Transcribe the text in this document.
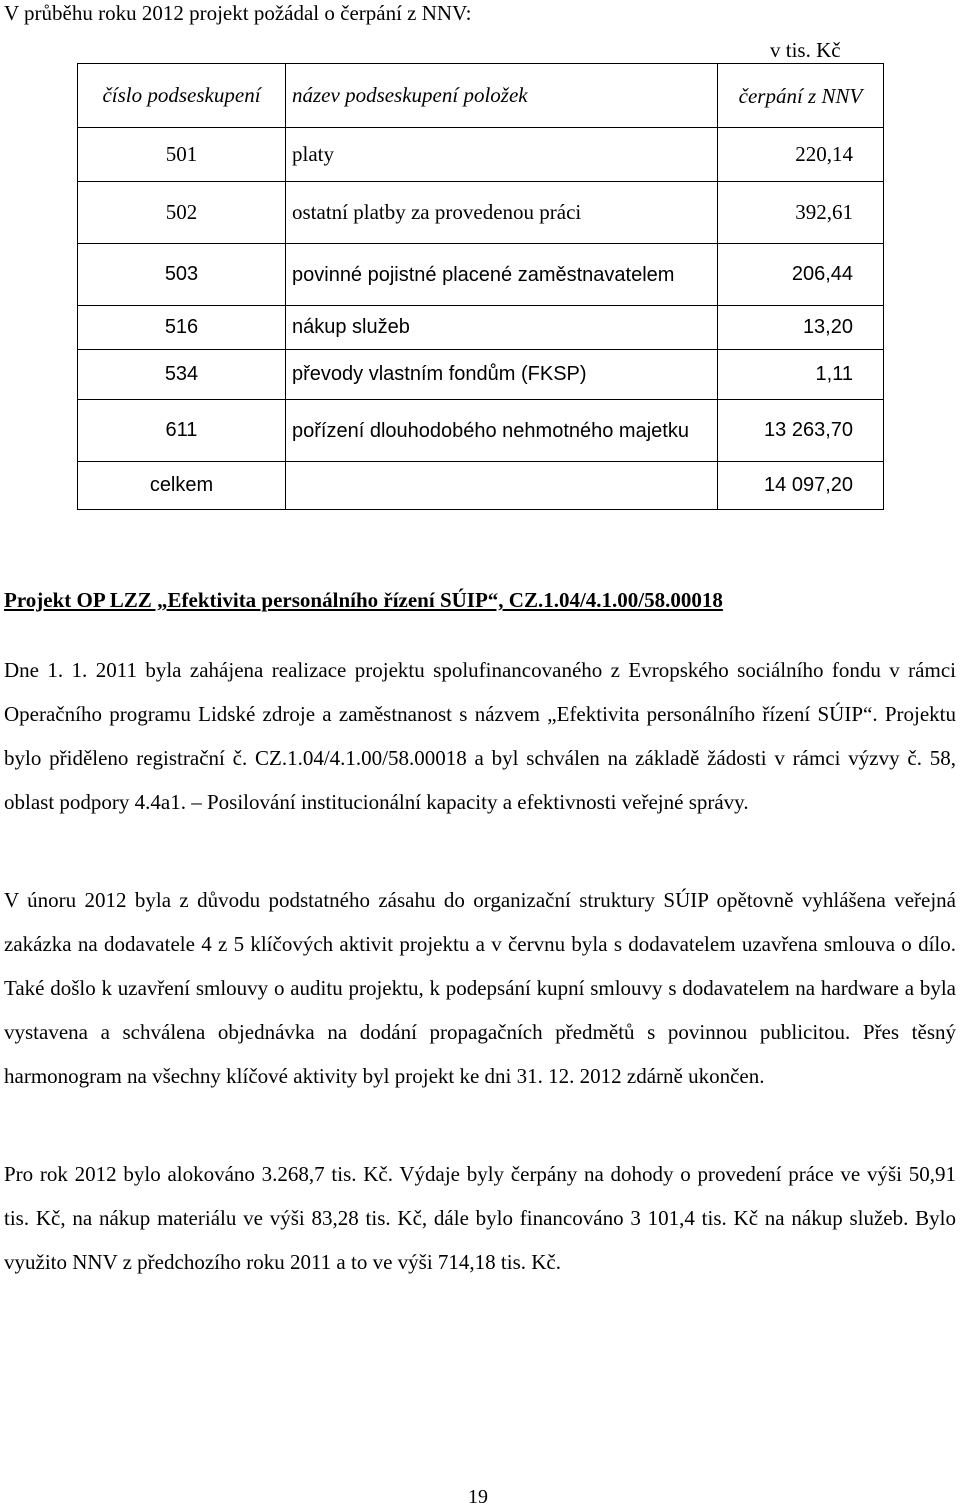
V průběhu roku 2012 projekt požádal o čerpání z NNV:
v tis. Kč
číslo podseskupení	název podseskupení položek	čerpání z NNV
501	platy	220,14
502	ostatní platby za provedenou práci	392,61
503	povinné pojistné placené zaměstnavatelem	206,44
516	nákup služeb	13,20
534	převody vlastním fondům (FKSP)	1,11
611	pořízení dlouhodobého nehmotného majetku	13 263,70
celkem		14 097,20
Projekt OP LZZ „Efektivita personálního řízení SÚIP“, CZ.1.04/4.1.00/58.00018
Dne 1. 1. 2011 byla zahájena realizace projektu spolufinancovaného z Evropského sociálního fondu v rámci Operačního programu Lidské zdroje a zaměstnanost s názvem „Efektivita personálního řízení SÚIP“. Projektu bylo přiděleno registrační č. CZ.1.04/4.1.00/58.00018 a byl schválen na základě žádosti v rámci výzvy č. 58, oblast podpory 4.4a1. – Posilování institucionální kapacity a efektivnosti veřejné správy.
V únoru 2012 byla z důvodu podstatného zásahu do organizační struktury SÚIP opětovně vyhlášena veřejná zakázka na dodavatele 4 z 5 klíčových aktivit projektu a v červnu byla s dodavatelem uzavřena smlouva o dílo. Také došlo k uzavření smlouvy o auditu projektu, k podepsání kupní smlouvy s dodavatelem na hardware a byla vystavena a schválena objednávka na dodání propagačních předmětů s povinnou publicitou. Přes těsný harmonogram na všechny klíčové aktivity byl projekt ke dni 31. 12. 2012 zdárně ukončen.
Pro rok 2012 bylo alokováno 3.268,7 tis. Kč. Výdaje byly čerpány na dohody o provedení práce ve výši 50,91 tis. Kč, na nákup materiálu ve výši 83,28 tis. Kč, dále bylo financováno 3 101,4 tis. Kč na nákup služeb. Bylo využito NNV z předchozího roku 2011 a to ve výši 714,18 tis. Kč.
19
